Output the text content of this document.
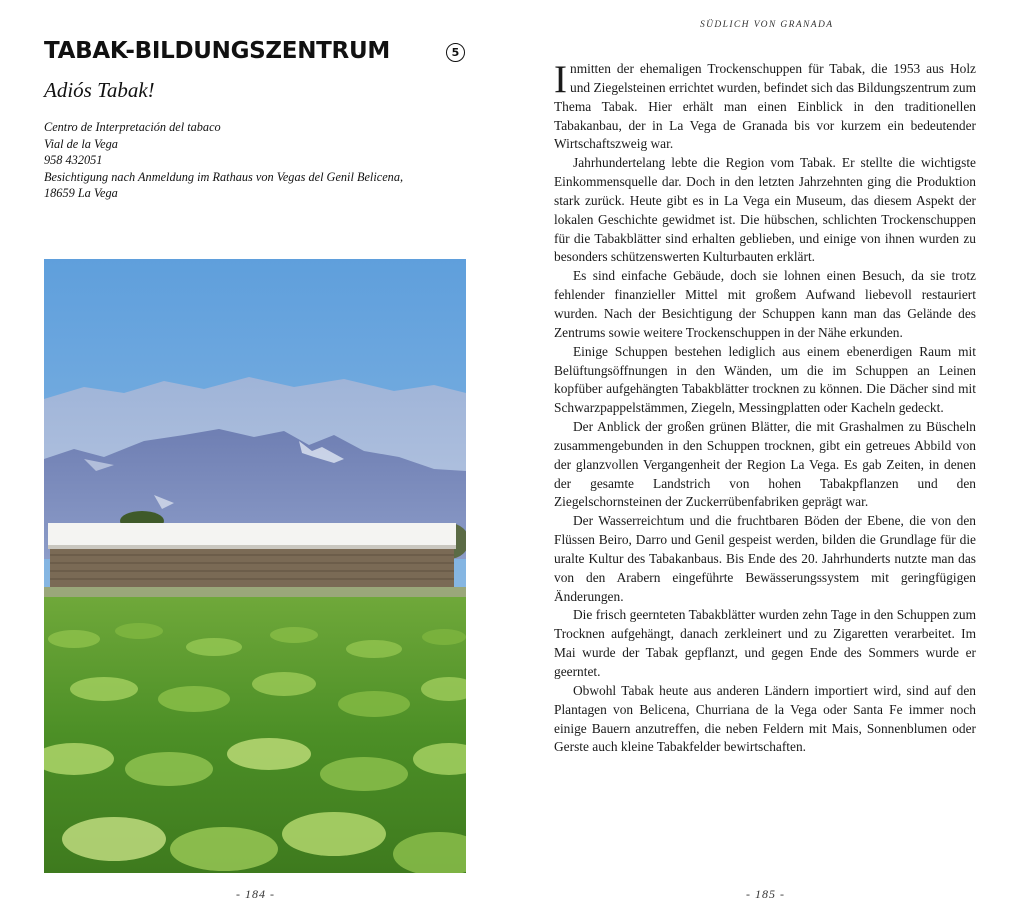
TABAK-BILDUNGSZENTRUM	5
Adiós Tabak!
Centro de Interpretación del tabaco
Vial de la Vega
958 432051
Besichtigung nach Anmeldung im Rathaus von Vegas del Genil Belicena,
18659 La Vega
- 184 -
SÜDLICH VON GRANADA

Inmitten der ehemaligen Trockenschuppen für Tabak, die 1953 aus Holz und Ziegelsteinen errichtet wurden, befindet sich das Bildungszentrum zum Thema Tabak. Hier erhält man einen Einblick in den traditionellen Tabakanbau, der in La Vega de Granada bis vor kurzem ein bedeutender Wirtschaftszweig war.

Jahrhundertelang lebte die Region vom Tabak. Er stellte die wichtigste Einkommensquelle dar. Doch in den letzten Jahrzehnten ging die Produktion stark zurück. Heute gibt es in La Vega ein Museum, das diesem Aspekt der lokalen Geschichte gewidmet ist. Die hübschen, schlichten Trockenschuppen für die Tabakblätter sind erhalten geblieben, und einige von ihnen wurden zu besonders schützenswerten Kulturbauten erklärt.

Es sind einfache Gebäude, doch sie lohnen einen Besuch, da sie trotz fehlender finanzieller Mittel mit großem Aufwand liebevoll restauriert wurden. Nach der Besichtigung der Schuppen kann man das Gelände des Zentrums sowie weitere Trockenschuppen in der Nähe erkunden.

Einige Schuppen bestehen lediglich aus einem ebenerdigen Raum mit Belüftungsöffnungen in den Wänden, um die im Schuppen an Leinen kopfüber aufgehängten Tabakblätter trocknen zu können. Die Dächer sind mit Schwarzpappelstämmen, Ziegeln, Messingplatten oder Kacheln gedeckt.

Der Anblick der großen grünen Blätter, die mit Grashalmen zu Büscheln zusammengebunden in den Schuppen trocknen, gibt ein getreues Abbild von der glanzvollen Vergangenheit der Region La Vega. Es gab Zeiten, in denen der gesamte Landstrich von hohen Tabakpflanzen und den Ziegelschornsteinen der Zuckerrübenfabriken geprägt war.

Der Wasserreichtum und die fruchtbaren Böden der Ebene, die von den Flüssen Beiro, Darro und Genil gespeist werden, bilden die Grundlage für die uralte Kultur des Tabakanbaus. Bis Ende des 20. Jahrhunderts nutzte man das von den Arabern eingeführte Bewässerungssystem mit geringfügigen Änderungen.

Die frisch geernteten Tabakblätter wurden zehn Tage in den Schuppen zum Trocknen aufgehängt, danach zerkleinert und zu Zigaretten verarbeitet. Im Mai wurde der Tabak gepflanzt, und gegen Ende des Sommers wurde er geerntet.

Obwohl Tabak heute aus anderen Ländern importiert wird, sind auf den Plantagen von Belicena, Churriana de la Vega oder Santa Fe immer noch einige Bauern anzutreffen, die neben Feldern mit Mais, Sonnenblumen oder Gerste auch kleine Tabakfelder bewirtschaften.

- 185 -
